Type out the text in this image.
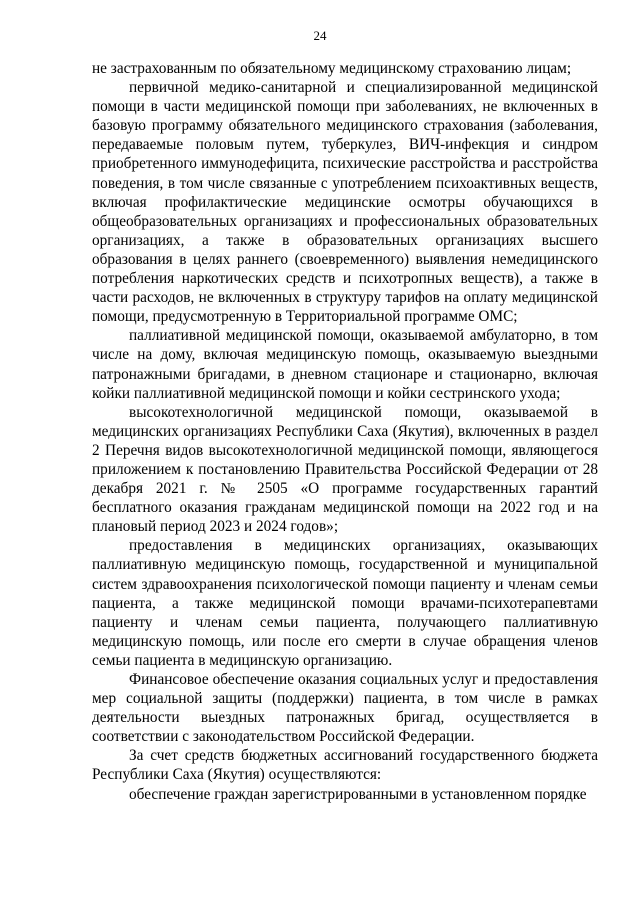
24

не застрахованным по обязательному медицинскому страхованию лицам;

первичной медико-санитарной и специализированной медицинской помощи в части медицинской помощи при заболеваниях, не включенных в базовую программу обязательного медицинского страхования (заболевания, передаваемые половым путем, туберкулез, ВИЧ-инфекция и синдром приобретенного иммунодефицита, психические расстройства и расстройства поведения, в том числе связанные с употреблением психоактивных веществ, включая профилактические медицинские осмотры обучающихся в общеобразовательных организациях и профессиональных образовательных организациях, а также в образовательных организациях высшего образования в целях раннего (своевременного) выявления немедицинского потребления наркотических средств и психотропных веществ), а также в части расходов, не включенных в структуру тарифов на оплату медицинской помощи, предусмотренную в Территориальной программе ОМС;

паллиативной медицинской помощи, оказываемой амбулаторно, в том числе на дому, включая медицинскую помощь, оказываемую выездными патронажными бригадами, в дневном стационаре и стационарно, включая койки паллиативной медицинской помощи и койки сестринского ухода;

высокотехнологичной медицинской помощи, оказываемой в медицинских организациях Республики Саха (Якутия), включенных в раздел 2 Перечня видов высокотехнологичной медицинской помощи, являющегося приложением к постановлению Правительства Российской Федерации от 28 декабря 2021 г. № 2505 «О программе государственных гарантий бесплатного оказания гражданам медицинской помощи на 2022 год и на плановый период 2023 и 2024 годов»;

предоставления в медицинских организациях, оказывающих паллиативную медицинскую помощь, государственной и муниципальной систем здравоохранения психологической помощи пациенту и членам семьи пациента, а также медицинской помощи врачами-психотерапевтами пациенту и членам семьи пациента, получающего паллиативную медицинскую помощь, или после его смерти в случае обращения членов семьи пациента в медицинскую организацию.

Финансовое обеспечение оказания социальных услуг и предоставления мер социальной защиты (поддержки) пациента, в том числе в рамках деятельности выездных патронажных бригад, осуществляется в соответствии с законодательством Российской Федерации.

За счет средств бюджетных ассигнований государственного бюджета Республики Саха (Якутия) осуществляются:

обеспечение граждан зарегистрированными в установленном порядке
